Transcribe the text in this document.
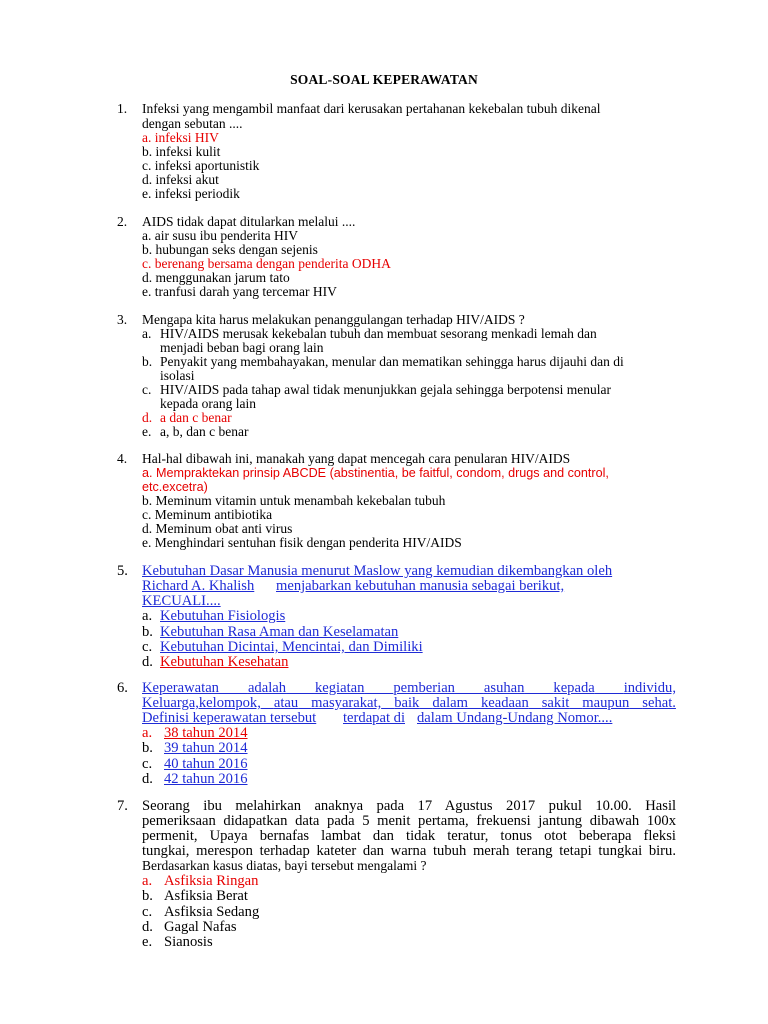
SOAL-SOAL KEPERAWATAN
1. Infeksi yang mengambil manfaat dari kerusakan pertahanan kekebalan tubuh dikenal
dengan sebutan ....
a. infeksi HIV
b. infeksi kulit
c. infeksi aportunistik
d. infeksi akut
e. infeksi periodik
2. AIDS tidak dapat ditularkan melalui ....
a. air susu ibu penderita HIV
b. hubungan seks dengan sejenis
c. berenang bersama dengan penderita ODHA
d. menggunakan jarum tato
e. tranfusi darah yang tercemar HIV
3. Mengapa kita harus melakukan penanggulangan terhadap HIV/AIDS ?
a. HIV/AIDS merusak kekebalan tubuh dan membuat sesorang menkadi lemah dan
menjadi beban bagi orang lain
b. Penyakit yang membahayakan, menular dan mematikan sehingga harus dijauhi dan di
isolasi
c. HIV/AIDS pada tahap awal tidak menunjukkan gejala sehingga berpotensi menular
kepada orang lain
d. a dan c benar
e. a, b, dan c benar
4. Hal-hal dibawah ini, manakah yang dapat mencegah cara penularan HIV/AIDS
a. Mempraktekan prinsip ABCDE (abstinentia, be faitful, condom, drugs and control,
etc.excetra)
b. Meminum vitamin untuk menambah kekebalan tubuh
c. Meminum antibiotika
d. Meminum obat anti virus
e. Menghindari sentuhan fisik dengan penderita HIV/AIDS
5. Kebutuhan Dasar Manusia menurut Maslow yang kemudian dikembangkan oleh
Richard A. Khalish menjabarkan kebutuhan manusia sebagai berikut,
KECUALI....
a. Kebutuhan Fisiologis
b. Kebutuhan Rasa Aman dan Keselamatan
c. Kebutuhan Dicintai, Mencintai, dan Dimiliki
d. Kebutuhan Kesehatan
6. Keperawatan adalah kegiatan pemberian asuhan kepada individu,
Keluarga,kelompok, atau masyarakat, baik dalam keadaan sakit maupun sehat.
Definisi keperawatan tersebut terdapat di dalam Undang-Undang Nomor....
a. 38 tahun 2014
b. 39 tahun 2014
c. 40 tahun 2016
d. 42 tahun 2016
7. Seorang ibu melahirkan anaknya pada 17 Agustus 2017 pukul 10.00. Hasil
pemeriksaan didapatkan data pada 5 menit pertama, frekuensi jantung dibawah 100x
permenit, Upaya bernafas lambat dan tidak teratur, tonus otot beberapa fleksi
tungkai, merespon terhadap kateter dan warna tubuh merah terang tetapi tungkai biru.
Berdasarkan kasus diatas, bayi tersebut mengalami ?
a. Asfiksia Ringan
b. Asfiksia Berat
c. Asfiksia Sedang
d. Gagal Nafas
e. Sianosis
